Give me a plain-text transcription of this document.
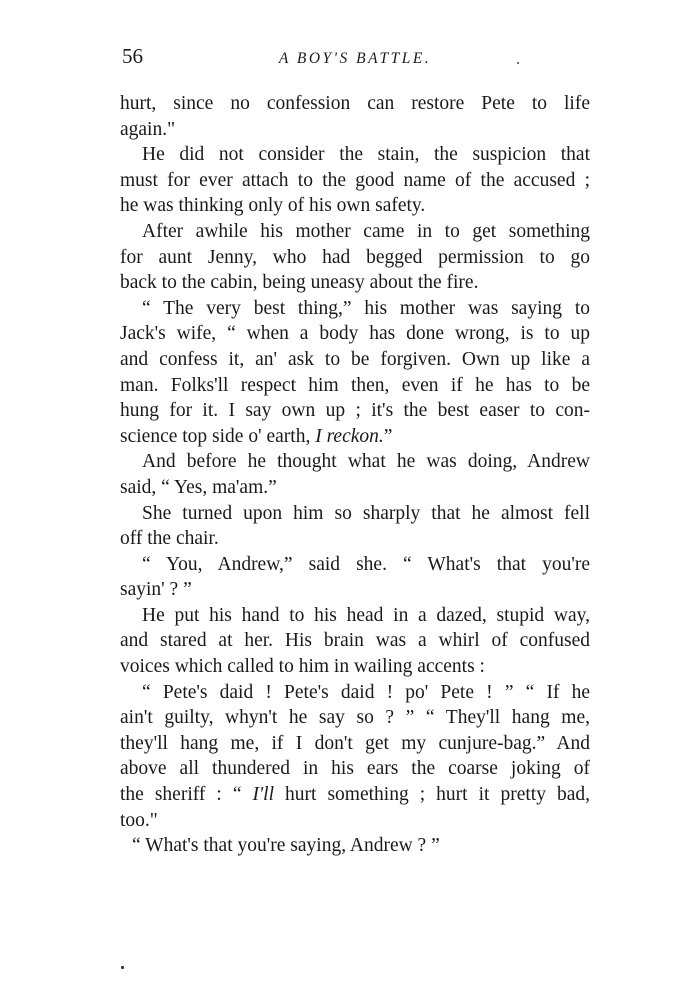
56	A BOY'S BATTLE.
hurt, since no confession can restore Pete to life
again."
He did not consider the stain, the suspicion that
must for ever attach to the good name of the accused ;
he was thinking only of his own safety.
After awhile his mother came in to get something
for aunt Jenny, who had begged permission to go
back to the cabin, being uneasy about the fire.
“ The very best thing,” his mother was saying to
Jack's wife, “ when a body has done wrong, is to up
and confess it, an' ask to be forgiven. Own up like a
man. Folks'll respect him then, even if he has to be
hung for it. I say own up ; it's the best easer to con-
science top side o' earth, I reckon.”
And before he thought what he was doing, Andrew
said, “ Yes, ma'am.”
She turned upon him so sharply that he almost fell
off the chair.
“ You, Andrew,” said she. “ What's that you're
sayin' ? ”
He put his hand to his head in a dazed, stupid way,
and stared at her. His brain was a whirl of confused
voices which called to him in wailing accents :
“ Pete's daid ! Pete's daid ! po' Pete ! ” “ If he
ain't guilty, whyn't he say so ? ” “ They'll hang me,
they'll hang me, if I don't get my cunjure-bag.” And
above all thundered in his ears the coarse joking of
the sheriff : “ I'll hurt something ; hurt it pretty bad,
too."
“ What's that you're saying, Andrew ? ”
